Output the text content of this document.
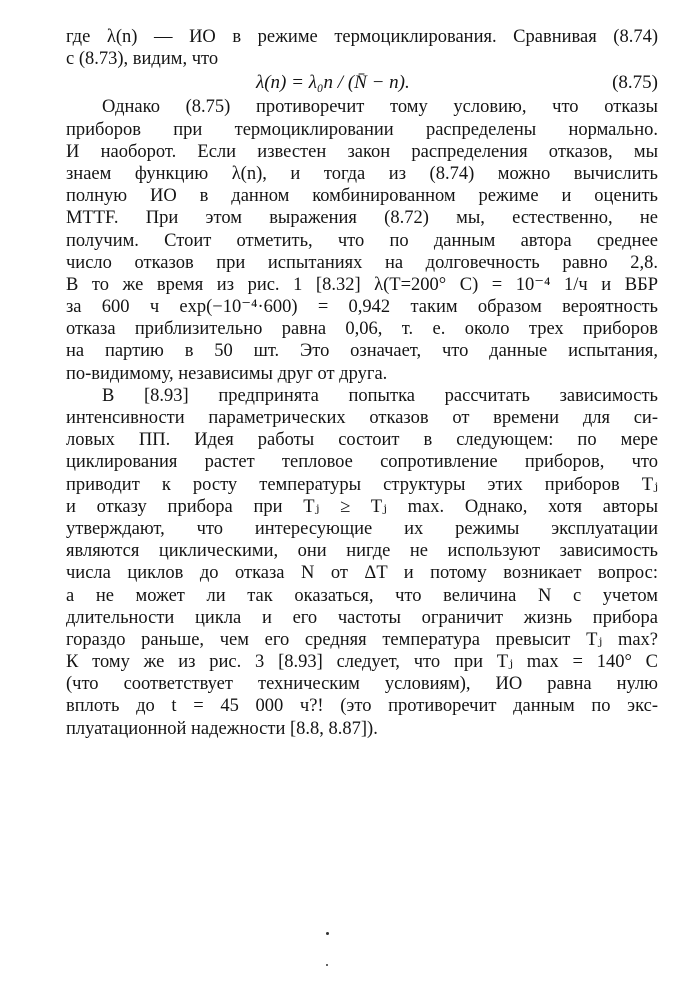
где λ(n) — ИО в режиме термоциклирования. Сравнивая (8.74)
с (8.73), видим, что
λ(n) = λ₀n / (N̄ − n).	(8.75)
Однако (8.75) противоречит тому условию, что отказы
приборов при термоциклировании распределены нормально.
И наоборот. Если известен закон распределения отказов, мы
знаем функцию λ(n), и тогда из (8.74) можно вычислить
полную ИО в данном комбинированном режиме и оценить
MTTF. При этом выражения (8.72) мы, естественно, не
получим. Стоит отметить, что по данным автора среднее
число отказов при испытаниях на долговечность равно 2,8.
В то же время из рис. 1 [8.32] λ(T=200° C) = 10⁻⁴ 1/ч и ВБР
за 600 ч exp(−10⁻⁴·600) = 0,942 таким образом вероятность
отказа приблизительно равна 0,06, т. е. около трех приборов
на партию в 50 шт. Это означает, что данные испытания,
по-видимому, независимы друг от друга.
В [8.93] предпринята попытка рассчитать зависимость
интенсивности параметрических отказов от времени для си-
ловых ПП. Идея работы состоит в следующем: по мере
циклирования растет тепловое сопротивление приборов, что
приводит к росту температуры структуры этих приборов Tⱼ
и отказу прибора при Tⱼ ≥ Tⱼ max. Однако, хотя авторы
утверждают, что интересующие их режимы эксплуатации
являются циклическими, они нигде не используют зависимость
числа циклов до отказа N от ΔT и потому возникает вопрос:
а не может ли так оказаться, что величина N с учетом
длительности цикла и его частоты ограничит жизнь прибора
гораздо раньше, чем его средняя температура превысит Tⱼ max?
К тому же из рис. 3 [8.93] следует, что при Tⱼ max = 140° C
(что соответствует техническим условиям), ИО равна нулю
вплоть до t = 45 000 ч?! (это противоречит данным по экс-
плуатационной надежности [8.8, 8.87]).
